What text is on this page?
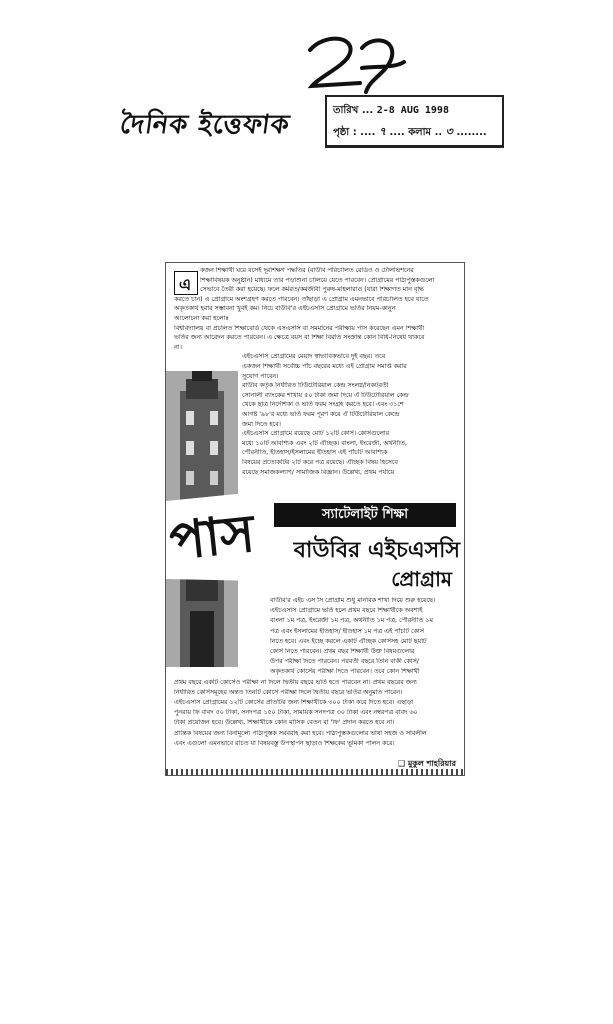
দৈনিক ইত্তেফাক	তারিখ ... 2-8 AUG 1998
পৃষ্ঠা : .... ৭ .... কলাম .. ৩ ........
এ
কজন শিক্ষার্থী ঘরে বসেই দূরশিক্ষণ পদ্ধতির (বাউবি পরিচালিত রেডিও ও টেলিভিশনের
শিক্ষাবিষয়ক অনুষ্ঠান) মাধ্যমে তার পড়াশুনা চালিয়ে যেতে পারবেন। প্রোগ্রামের পাঠ্যপুস্তকগুলো
সেভাবে তৈরী করা হয়েছে। ফলে কর্মরত/কর্মজীবী পুরুষ-মহিলারাও (যারা শিক্ষাগত মান বৃদ্ধি
করতে চান) এ প্রোগ্রামে অংশগ্রহণ করতে পারবেন। তাঁছাড়া এ প্রোগ্রাম এমনভাবে পরিচালিত হবে যাতে
অকৃতকার্য হবার সম্ভাবনা খুবই কম। নিচে বাউবি'র এইচএসসি প্রোগ্রামে ভর্তির নিয়ম-কানুন
আলোচনা করা হলোঃ
বিশ্ববিদ্যালয় বা প্রচলিত শিক্ষাবোর্ড থেকে এসএসসি বা সমমানের পরীক্ষায় পাস করেছেন এমন শিক্ষার্থী
ভর্তির জন্য আবেদন করতে পারবেন। এ ক্ষেত্রে বয়স বা শিক্ষা বিরতি সংক্রান্ত কোন বিধি-নিষেধ থাকবে
না।
এইচএসসি প্রোগ্রামের মেয়াদ স্বাভাবিকভাবে দুই বছর। তবে
একজন শিক্ষার্থী সর্বোচ্চ পাঁচ বছরের মধ্যে এই প্রোগ্রাম সমাপ্ত করার
সুযোগ পাবেন।
বাউবি কর্তৃক নির্ধারিত টিউটোরিয়াল কেন্দ্র সংলগ্ন/নিকটবর্তী
সোনালী ব্যাংকের শাখায় ৫০ টাকা জমা দিয়ে ঐ টিউটোরিয়াল কেন্দ্র
থেকে ছাত্র নির্দেশিকা ও ভর্তি ফরম সংগ্রহ করতে হবে। এবং ৩১শে
আগষ্ট '৯৮'র মধ্যে ভর্তি ফরম পূরণ করে ঐ টিউটোরিয়াল কেন্দ্রে
জমা দিতে হবে।
এইচএসসি প্রোগ্রামে রয়েছে মোট ১২টি কোর্স। কোর্সগুলোর
মধ্যে ১০টি আবশ্যিক এবং ২টি ঐচ্ছিক। বাংলা, ইংরেজী, অর্থনীতি,
পৌরনীতি, ইতিহাস/ইসলামের ইতিহাস এই পাঁচটি আবশ্যিক
বিষয়ের প্রত্যেকটির ২টি করে পত্র রয়েছে। ঐচ্ছিক বিষয় হিসেবে
রয়েছে সমাজকল্যাণ/ সামাজিক বিজ্ঞান। উল্লেখ্য, প্রথম পর্যায়ে
পাস	স্যাটেলাইট শিক্ষা
বাউবির এইচএসসি
প্রোগ্রাম
বাউবি'র এইচ এস সি প্রোগ্রাম শুধু মানবিক শাখা দিয়ে শুরু হয়েছে।
এইচএসসি প্রোগ্রামে ভর্তি হলে প্রথম বছরে শিক্ষার্থীকে অবশ্যই
বাংলা ১ম পত্র, ইংরেজী ১ম পত্র, অর্থনীতি ১ম পত্র, পৌরনীতি ১ম
পত্র এবং ইসলামের ইতিহাস/ ইতিহাস ১ম পত্র এই পাঁচটি কোর্স
নিতে হবে। এবং ইচ্ছে করলে একটি ঐচ্ছিক কোর্সসহ মোট ছয়টি
কোর্স নিতে পারবেন। প্রথম বছর শিক্ষার্থী উক্ত বিষয়গুলোর
উপর পরীক্ষা দিতে পারবেন। পরবর্তী বছরে তিনি বাকী কোর্স/
অকৃতকার্য কোর্সের পরীক্ষা দিতে পারবেন। তবে কোন শিক্ষার্থী
প্রথম বছরে একটি কোর্সেও পরীক্ষা না দিলে দ্বিতীয় বছরে ভর্তি হতে পারবেন না। প্রথম বছরের জন্য
নির্ধারিত কোর্সসমূহের অন্তত তিনটি কোর্সে পরীক্ষা দিলে দ্বিতীয় বছরে ভর্তির অনুমতি পাবেন।
এইচএসসি প্রোগ্রামের ১২টি কোর্সের প্রতিটির জন্য শিক্ষার্থীকে ৩০০ টাকা করে দিতে হবে। এছাড়া
পুনরায় ফি বাবদ ৫০ টাকা, সনদপত্র ১৫০ টাকা, সাময়িক সনদপত্র ৩০ টাকা এবং নম্বরপত্র বাবদ ৬০
টাকা প্রয়োজন হবে। উল্লেখ্য, শিক্ষার্থীকে কোন মাসিক বেতন বা 'ফি' প্রদান করতে হবে না।
প্রান্তিক বিষয়ের জন্য বিনামূল্যে পাঠ্যপুস্তক সরবরাহ করা হবে। পাঠ্যপুস্তকগুলোর ভাষা সহজ ও সাবলীল
এবং এগুলো এমনভাবে রচিত যা বিষয়বস্তু উপস্থাপন ছাড়াও শিক্ষকের ভূমিকা পালন করে।
❑ মুকুল শাহরিয়ার
